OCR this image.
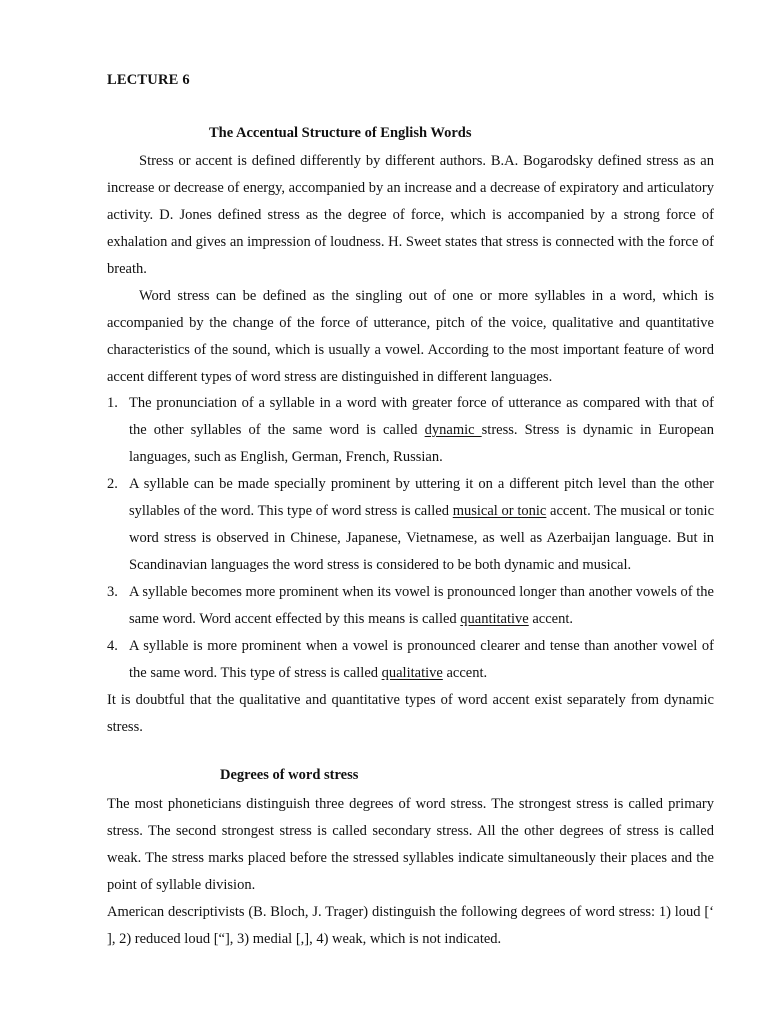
LECTURE 6
The Accentual Structure of English Words

Stress or accent is defined differently by different authors. B.A. Bogarodsky defined stress as an increase or decrease of energy, accompanied by an increase and a decrease of expiratory and articulatory activity. D. Jones defined stress as the degree of force, which is accompanied by a strong force of exhalation and gives an impression of loudness. H. Sweet states that stress is connected with the force of breath.

Word stress can be defined as the singling out of one or more syllables in a word, which is accompanied by the change of the force of utterance, pitch of the voice, qualitative and quantitative characteristics of the sound, which is usually a vowel. According to the most important feature of word accent different types of word stress are distinguished in different languages.

1. The pronunciation of a syllable in a word with greater force of utterance as compared with that of the other syllables of the same word is called dynamic stress. Stress is dynamic in European languages, such as English, German, French, Russian.
2. A syllable can be made specially prominent by uttering it on a different pitch level than the other syllables of the word. This type of word stress is called musical or tonic accent. The musical or tonic word stress is observed in Chinese, Japanese, Vietnamese, as well as Azerbaijan language. But in Scandinavian languages the word stress is considered to be both dynamic and musical.
3. A syllable becomes more prominent when its vowel is pronounced longer than another vowels of the same word. Word accent effected by this means is called quantitative accent.
4. A syllable is more prominent when a vowel is pronounced clearer and tense than another vowel of the same word. This type of stress is called qualitative accent.

It is doubtful that the qualitative and quantitative types of word accent exist separately from dynamic stress.

Degrees of word stress

The most phoneticians distinguish three degrees of word stress. The strongest stress is called primary stress. The second strongest stress is called secondary stress. All the other degrees of stress is called weak. The stress marks placed before the stressed syllables indicate simultaneously their places and the point of syllable division.

American descriptivists (B. Bloch, J. Trager) distinguish the following degrees of word stress: 1) loud [‘ ], 2) reduced loud [“], 3) medial [,], 4) weak, which is not indicated.
